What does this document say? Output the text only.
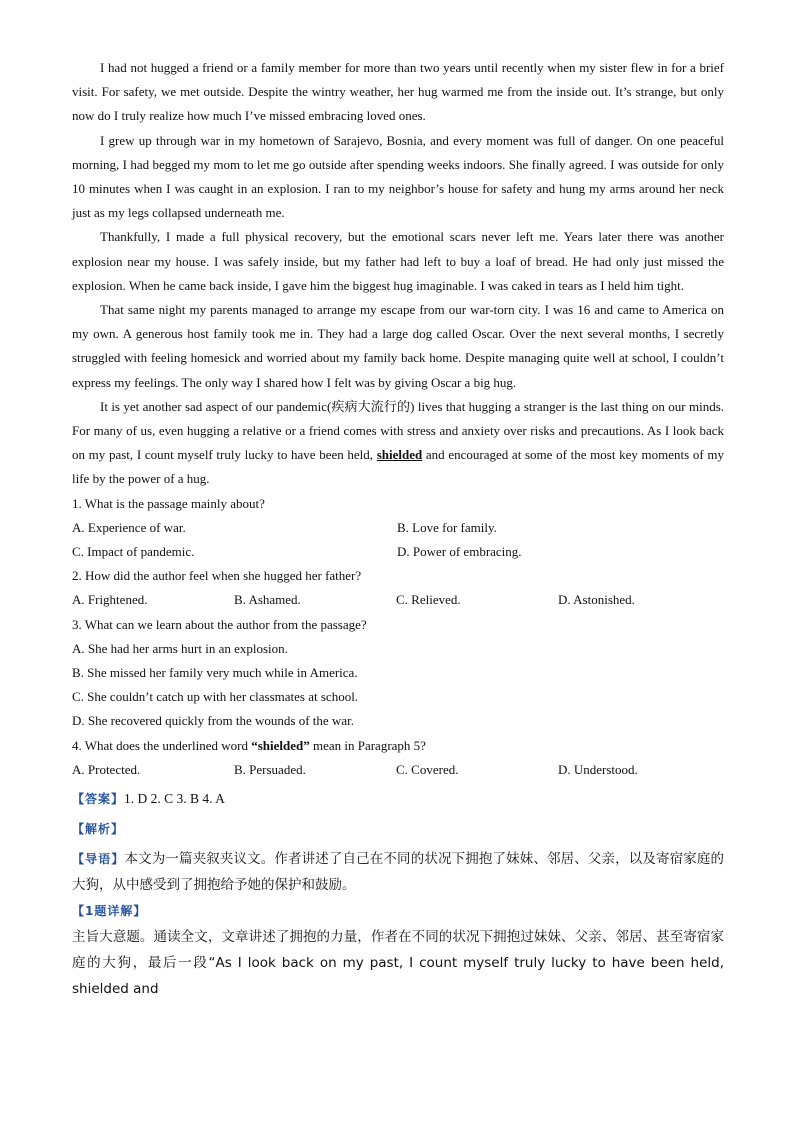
I had not hugged a friend or a family member for more than two years until recently when my sister flew in for a brief visit. For safety, we met outside. Despite the wintry weather, her hug warmed me from the inside out. It’s strange, but only now do I truly realize how much I’ve missed embracing loved ones.

I grew up through war in my hometown of Sarajevo, Bosnia, and every moment was full of danger. On one peaceful morning, I had begged my mom to let me go outside after spending weeks indoors. She finally agreed. I was outside for only 10 minutes when I was caught in an explosion. I ran to my neighbor’s house for safety and hung my arms around her neck just as my legs collapsed underneath me.

Thankfully, I made a full physical recovery, but the emotional scars never left me. Years later there was another explosion near my house. I was safely inside, but my father had left to buy a loaf of bread. He had only just missed the explosion. When he came back inside, I gave him the biggest hug imaginable. I was caked in tears as I held him tight.

That same night my parents managed to arrange my escape from our war-torn city. I was 16 and came to America on my own. A generous host family took me in. They had a large dog called Oscar. Over the next several months, I secretly struggled with feeling homesick and worried about my family back home. Despite managing quite well at school, I couldn’t express my feelings. The only way I shared how I felt was by giving Oscar a big hug.

It is yet another sad aspect of our pandemic(疾病大流行的) lives that hugging a stranger is the last thing on our minds. For many of us, even hugging a relative or a friend comes with stress and anxiety over risks and precautions. As I look back on my past, I count myself truly lucky to have been held, shielded and encouraged at some of the most key moments of my life by the power of a hug.

1. What is the passage mainly about?

A. Experience of war.	B. Love for family.
C. Impact of pandemic.	D. Power of embracing.

2. How did the author feel when she hugged her father?

A. Frightened.	B. Ashamed.	C. Relieved.	D. Astonished.

3. What can we learn about the author from the passage?

A. She had her arms hurt in an explosion.

B. She missed her family very much while in America.

C. She couldn’t catch up with her classmates at school.

D. She recovered quickly from the wounds of the war.

4. What does the underlined word “shielded” mean in Paragraph 5?

A. Protected.	B. Persuaded.	C. Covered.	D. Understood.

【答案】1. D 2. C 3. B 4. A

【解析】

【导语】本文为一篇夹叙夹议文。作者讲述了自己在不同的状况下拥抱了妹妹、邻居、父亲，以及寄宿家庭的大狗，从中感受到了拥抱给予她的保护和鼓励。

【1题详解】

主旨大意题。通读全文，文章讲述了拥抱的力量，作者在不同的状况下拥抱过妹妹、父亲、邻居、甚至寄宿家庭的大狗，最后一段“As I look back on my past, I count myself truly lucky to have been held, shielded and
